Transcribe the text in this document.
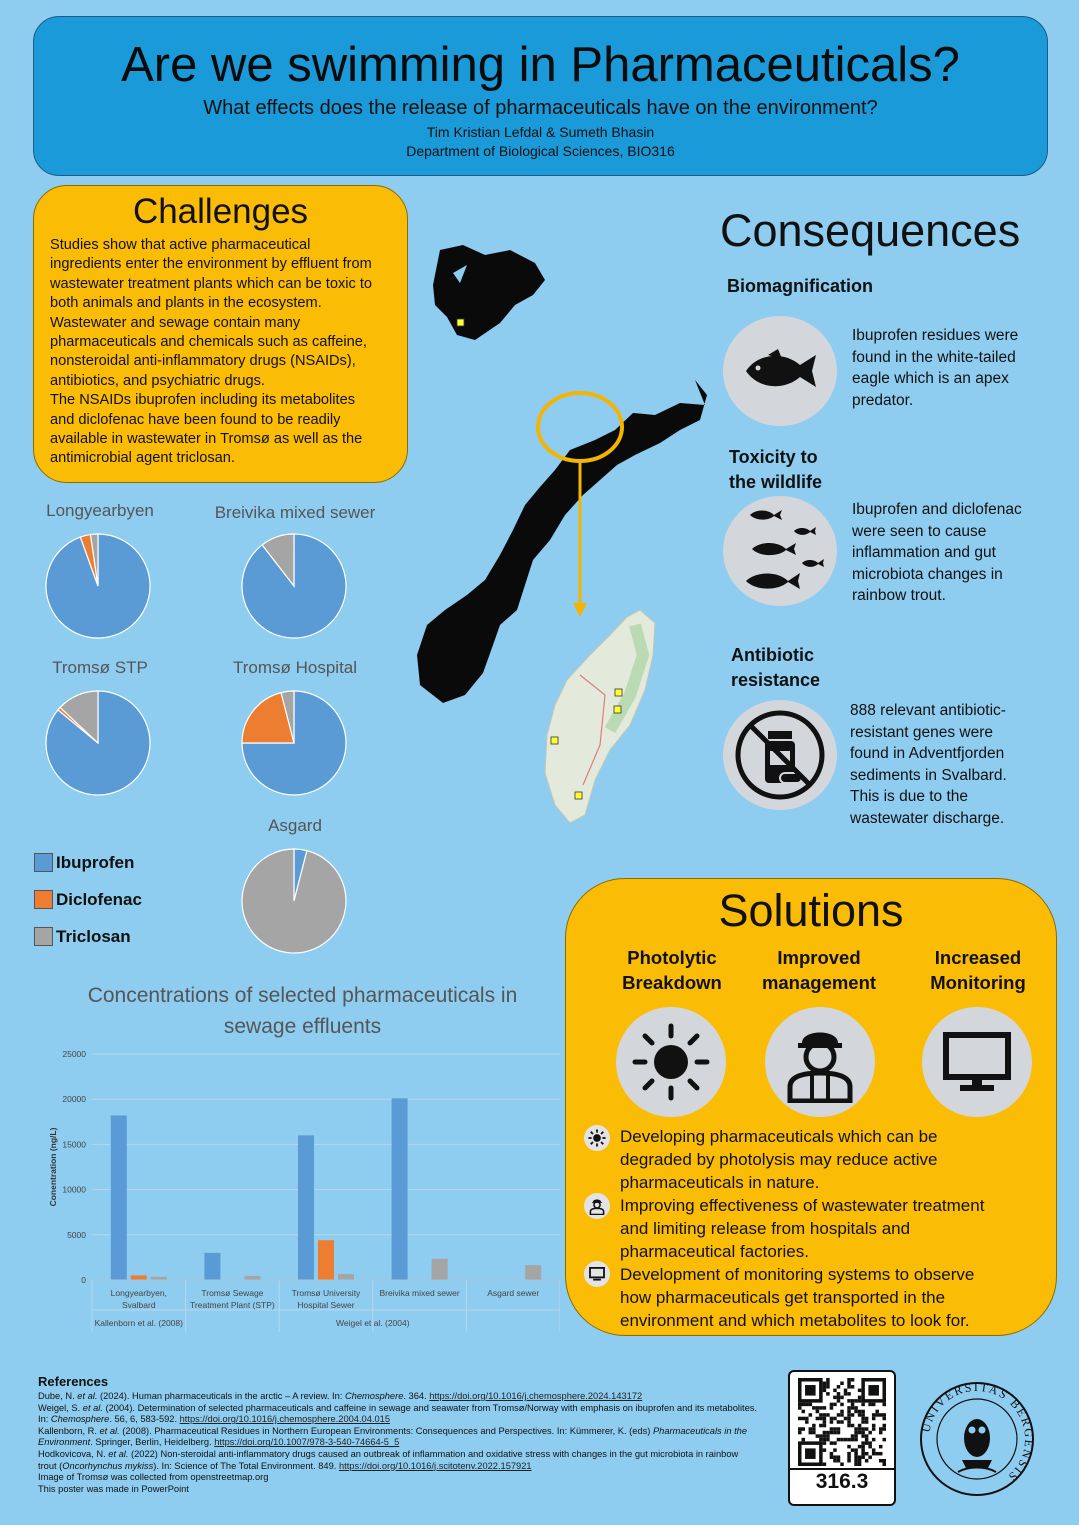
Are we swimming in Pharmaceuticals?
What effects does the release of pharmaceuticals have on the environment?
Tim Kristian Lefdal & Sumeth Bhasin
Department of Biological Sciences, BIO316
Challenges
Studies show that active pharmaceutical
ingredients enter the environment by effluent from
wastewater treatment plants which can be toxic to
both animals and plants in the ecosystem.
Wastewater and sewage contain many
pharmaceuticals and chemicals such as caffeine,
nonsteroidal anti-inflammatory drugs (NSAIDs),
antibiotics, and psychiatric drugs.
The NSAIDs ibuprofen including its metabolites
and diclofenac have been found to be readily
available in wastewater in Tromsø as well as the
antimicrobial agent triclosan.
Longyearbyen	Breivika mixed sewer
Tromsø STP	Tromsø Hospital
Asgard
Ibuprofen
Diclofenac
Triclosan
Concentrations of selected pharmaceuticals in sewage effluents
0
5000
10000
15000
20000
25000
Conentration (ng/L)
Longyearbyen,
Svalbard
Tromsø Sewage
Treatment Plant (STP)
Tromsø University
Hospital Sewer
Breivika mixed sewer	Asgard sewer
Kallenborn et al. (2008)	Weigel et al. (2004)
Consequences
Biomagnification
Ibuprofen residues were
found in the white-tailed
eagle which is an apex
predator.
Toxicity to
the wildlife
Ibuprofen and diclofenac
were seen to cause
inflammation and gut
microbiota changes in
rainbow trout.
Antibiotic
resistance
888 relevant antibiotic-
resistant genes were
found in Adventfjorden
sediments in Svalbard.
This is due to the
wastewater discharge.
Solutions
Photolytic
Breakdown
Improved
management
Increased
Monitoring
Developing pharmaceuticals which can be
degraded by photolysis may reduce active
pharmaceuticals in nature.
Improving effectiveness of wastewater treatment
and limiting release from hospitals and
pharmaceutical factories.
Development of monitoring systems to observe
how pharmaceuticals get transported in the
environment and which metabolites to look for.
References
Dube, N. et al. (2024). Human pharmaceuticals in the arctic – A review. In: Chemosphere. 364. https://doi.org/10.1016/j.chemosphere.2024.143172
Weigel, S. et al. (2004). Determination of selected pharmaceuticals and caffeine in sewage and seawater from Tromsø/Norway with emphasis on ibuprofen and its metabolites. In: Chemosphere. 56, 6, 583-592. https://doi.org/10.1016/j.chemosphere.2004.04.015
Kallenborn, R. et al. (2008). Pharmaceutical Residues in Northern European Environments: Consequences and Perspectives. In: Kümmerer, K. (eds) Pharmaceuticals in the Environment. Springer, Berlin, Heidelberg. https://doi.org/10.1007/978-3-540-74664-5_5
Hodkovicova, N. et al. (2022) Non-steroidal anti-inflammatory drugs caused an outbreak of inflammation and oxidative stress with changes in the gut microbiota in rainbow trout (Oncorhynchus mykiss). In: Science of The Total Environment. 849. https://doi.org/10.1016/j.scitotenv.2022.157921
Image of Tromsø was collected from openstreetmap.org
This poster was made in PowerPoint	316.3
UNIVERSITAS BERGENSIS
